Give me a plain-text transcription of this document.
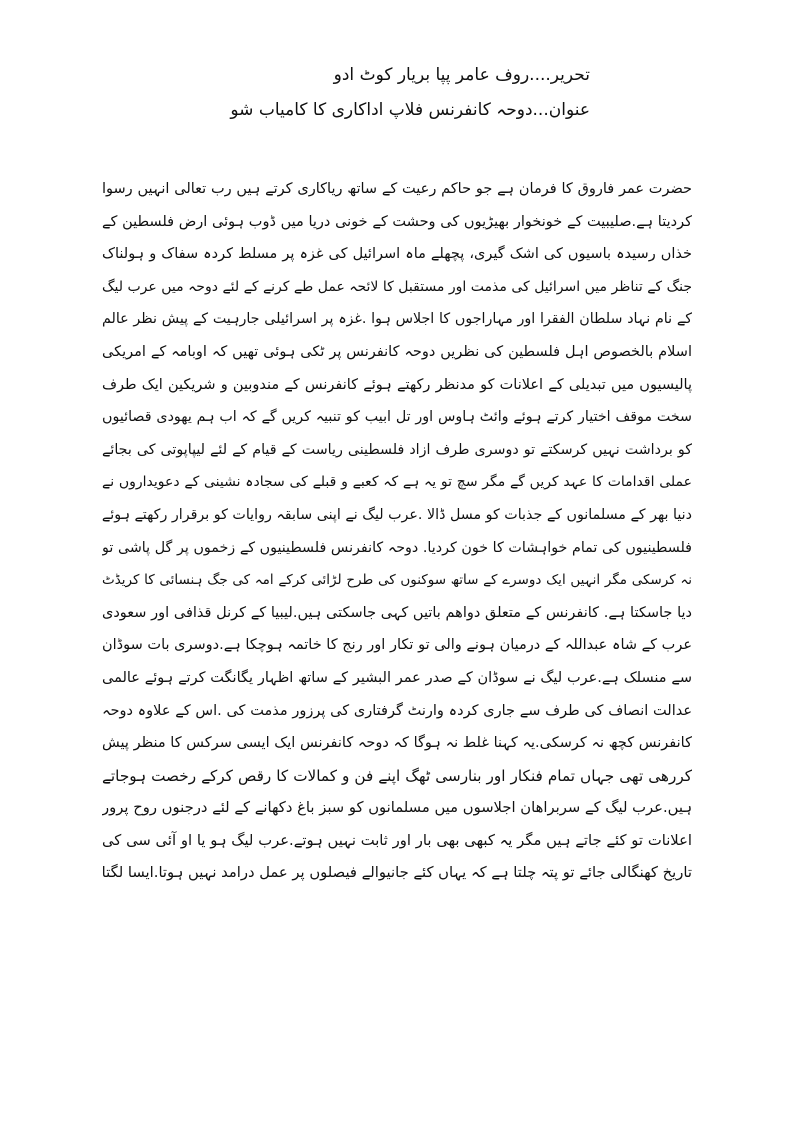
تحریر....روف عامر پپا بریار کوٹ ادو
عنوان...دوحہ کانفرنس فلاپ اداکاری کا کامیاب شو
حضرت عمر فاروق کا فرمان ہے جو حاکم رعیت کے ساتھ ریاکاری کرتے ہیں رب تعالی انہیں رسوا
کردیتا ہے.صلیبیت کے خونخوار بھیڑیوں کی وحشت کے خونی دریا میں ڈوب ہوئی ارض فلسطین کے
خذاں رسیدہ باسیوں کی اشک گیری، پچھلے ماہ اسرائیل کی غزہ پر مسلط کردہ سفاک و ہولناک
جنگ کے تناظر میں اسرائیل کی مذمت اور مستقبل کا لائحہ عمل طے کرنے کے لئے دوحہ میں عرب لیگ
کے نام نہاد سلطان الفقرا اور مہاراجوں کا اجلاس ہوا .غزہ پر اسرائیلی جارہیت کے پیش نظر عالم
اسلام بالخصوص اہل فلسطین کی نظریں دوحہ کانفرنس پر ٹکی ہوئی تھیں کہ اوبامہ کے امریکی
پالیسیوں میں تبدیلی کے اعلانات کو مدنظر رکھتے ہوئے کانفرنس کے مندوبین و شریکین ایک طرف
سخت موقف اختیار کرتے ہوئے وائٹ ہاوس اور تل ابیب کو تنبیہ کریں گے کہ اب ہم یھودی قصائیوں
کو برداشت نہیں کرسکتے تو دوسری طرف ازاد فلسطینی ریاست کے قیام کے لئے لیپاپوتی کی بجائے
عملی اقدامات کا عہد کریں گے مگر سچ تو یہ ہے کہ کعبے و قبلے کی سجادہ نشینی کے دعویداروں نے
دنیا بھر کے مسلمانوں کے جذبات کو مسل ڈالا .عرب لیگ نے اپنی سابقہ روایات کو برقرار رکھتے ہوئے
فلسطینیوں کی تمام خواہشات کا خون کردیا. دوحہ کانفرنس فلسطینیوں کے زخموں پر گل پاشی تو
نہ کرسکی مگر انہیں ایک دوسرے کے ساتھ سوکنوں کی طرح لڑائی کرکے امہ کی جگ ہنسائی کا کریڈٹ
دیا جاسکتا ہے. کانفرنس کے متعلق دواھم باتیں کہی جاسکتی ہیں.لیبیا کے کرنل قذافی اور سعودی
عرب کے شاہ عبداللہ کے درمیان ہونے والی تو تکار اور رنج کا خاتمہ ہوچکا ہے.دوسری بات سوڈان
سے منسلک ہے.عرب لیگ نے سوڈان کے صدر عمر البشیر کے ساتھ اظہار یگانگت کرتے ہوئے عالمی
عدالت انصاف کی طرف سے جاری کردہ وارنٹ گرفتاری کی پرزور مذمت کی .اس کے علاوہ دوحہ
کانفرنس کچھ نہ کرسکی.یہ کہنا غلط نہ ہوگا کہ دوحہ کانفرنس ایک ایسی سرکس کا منظر پیش
کررھی تھی جہاں تمام فنکار اور بنارسی ٹھگ اپنے فن و کمالات کا رقص کرکے رخصت ہوجاتے
ہیں.عرب لیگ کے سربراھان اجلاسوں میں مسلمانوں کو سبز باغ دکھانے کے لئے درجنوں روح پرور
اعلانات تو کئے جاتے ہیں مگر یہ کبھی بھی بار اور ثابت نہیں ہوتے.عرب لیگ ہو یا او آئی سی کی
تاریخ کھنگالی جائے تو پتہ چلتا ہے کہ یہاں کئے جانیوالے فیصلوں پر عمل درامد نہیں ہوتا.ایسا لگتا
